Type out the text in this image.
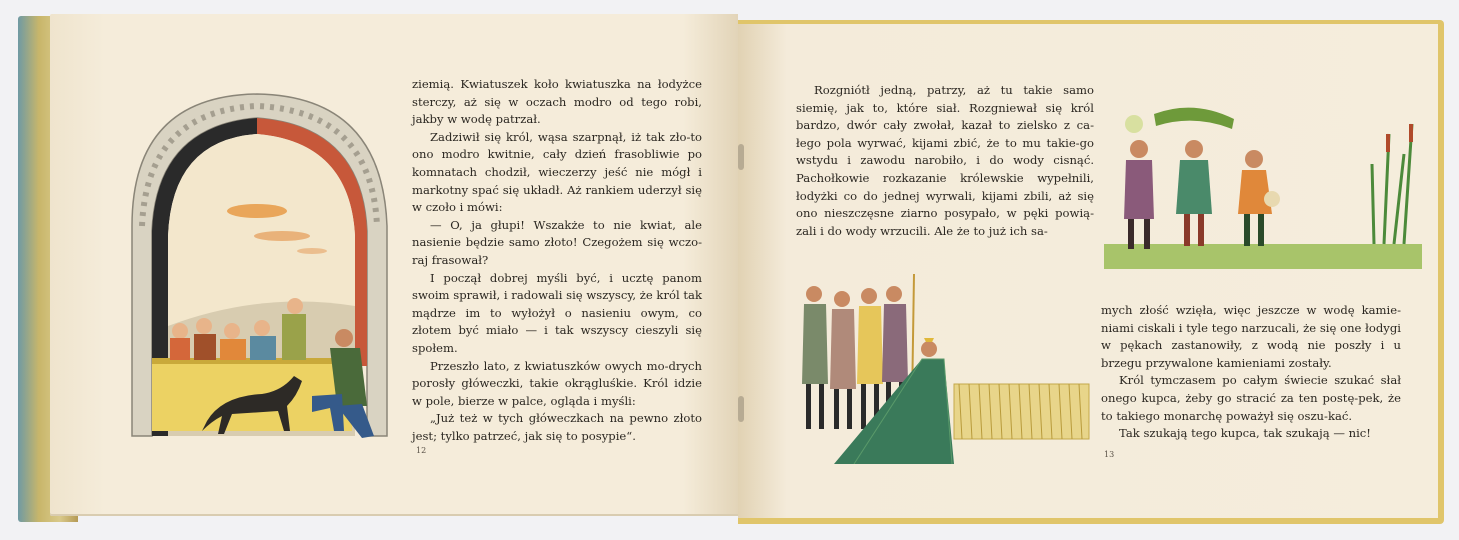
ziemią. Kwiatuszek koło kwiatuszka na łodyżce sterczy, aż się w oczach modro od tego robi, jakby w wodę patrzał.

Zadziwił się król, wąsa szarpnął, iż tak zło-to ono modro kwitnie, cały dzień frasobliwie po komnatach chodził, wieczerzy jeść nie mógł i markotny spać się układł. Aż rankiem uderzył się w czoło i mówi:

— O, ja głupi! Wszakże to nie kwiat, ale nasienie będzie samo złoto! Czegożem się wczo-raj frasował?

I począł dobrej myśli być, i ucztę panom swoim sprawił, i radowali się wszyscy, że król tak mądrze im to wyłożył o nasieniu owym, co złotem być miało — i tak wszyscy cieszyli się społem.

Przeszło lato, z kwiatuszków owych mo-drych porosły główeczki, takie okrągluśkie. Król idzie w pole, bierze w palce, ogląda i myśli:

„Już też w tych główeczkach na pewno złoto jest; tylko patrzeć, jak się to posypie“.

12

Rozgniótł jedną, patrzy, aż tu takie samo siemię, jak to, które siał. Rozgniewał się król bardzo, dwór cały zwołał, kazał to zielsko z ca-łego pola wyrwać, kijami zbić, że to mu takie-go wstydu i zawodu narobiło, i do wody cisnąć. Pachołkowie rozkazanie królewskie wypełnili, łodyżki co do jednej wyrwali, kijami zbili, aż się ono nieszczęsne ziarno posypało, w pęki powią-zali i do wody wrzucili. Ale że to już ich sa-

mych złość wzięła, więc jeszcze w wodę kamie-niami ciskali i tyle tego narzucali, że się one łodygi w pękach zastanowiły, z wodą nie poszły i u brzegu przywalone kamieniami zostały.

Król tymczasem po całym świecie szukać słał onego kupca, żeby go stracić za ten postę-pek, że to takiego monarchę poważył się oszu-kać.

Tak szukają tego kupca, tak szukają — nic!

13
